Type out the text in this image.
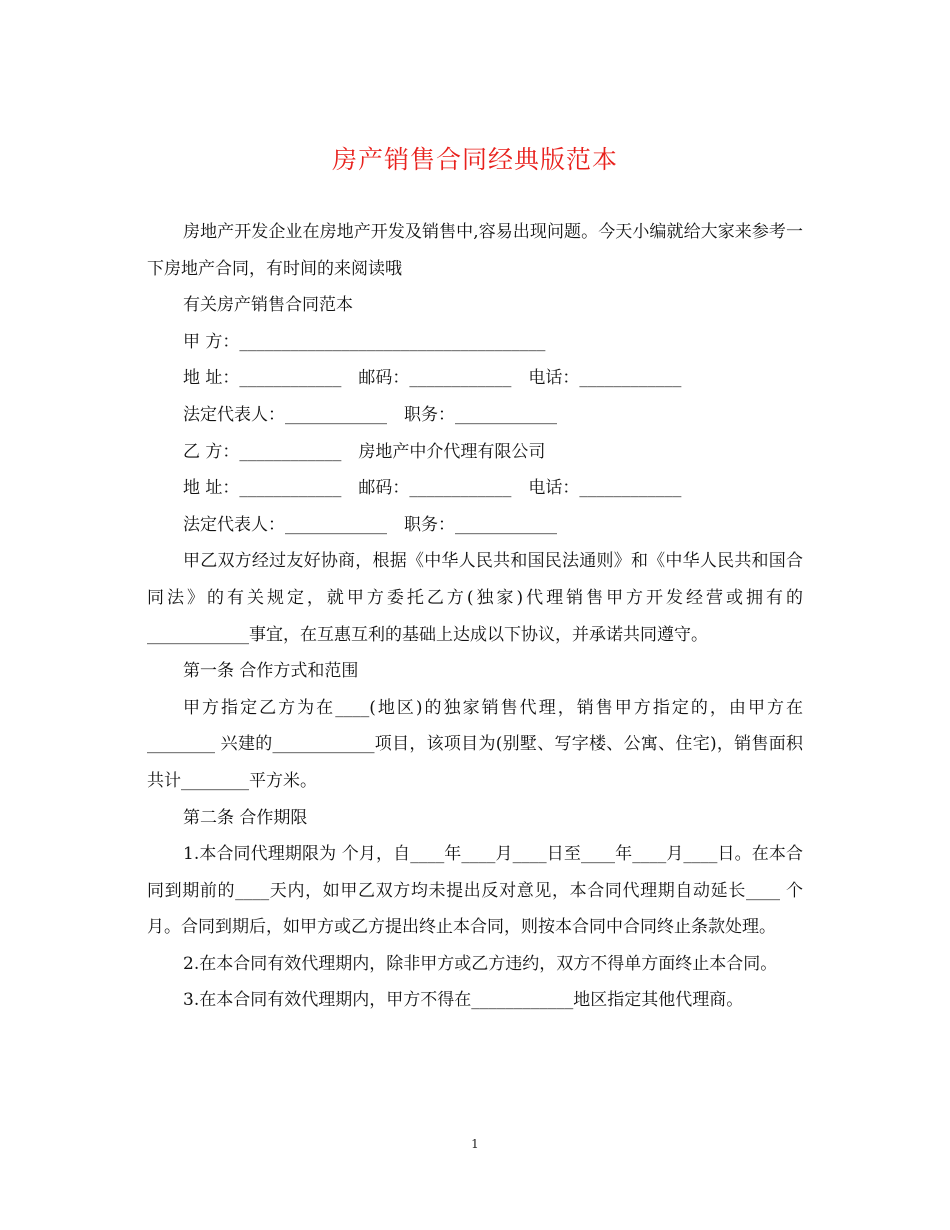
房产销售合同经典版范本

房地产开发企业在房地产开发及销售中,容易出现问题。今天小编就给大家来参考一下房地产合同，有时间的来阅读哦

有关房产销售合同范本

甲 方：____________________________________

地 址：____________　邮码：____________　电话：____________

法定代表人：____________　职务：____________

乙 方：____________　房地产中介代理有限公司

地 址：____________　邮码：____________　电话：____________

法定代表人：____________　职务：____________

甲乙双方经过友好协商，根据《中华人民共和国民法通则》和《中华人民共和国合同法》的有关规定，就甲方委托乙方(独家)代理销售甲方开发经营或拥有的____________事宜，在互惠互利的基础上达成以下协议，并承诺共同遵守。

第一条 合作方式和范围

甲方指定乙方为在____(地区)的独家销售代理，销售甲方指定的，由甲方在________ 兴建的____________项目，该项目为(别墅、写字楼、公寓、住宅)，销售面积共计________平方米。

第二条 合作期限

1.本合同代理期限为 个月，自____年____月____日至____年____月____日。在本合同到期前的____天内，如甲乙双方均未提出反对意见，本合同代理期自动延长____ 个月。合同到期后，如甲方或乙方提出终止本合同，则按本合同中合同终止条款处理。

2.在本合同有效代理期内，除非甲方或乙方违约，双方不得单方面终止本合同。

3.在本合同有效代理期内，甲方不得在____________地区指定其他代理商。

1
